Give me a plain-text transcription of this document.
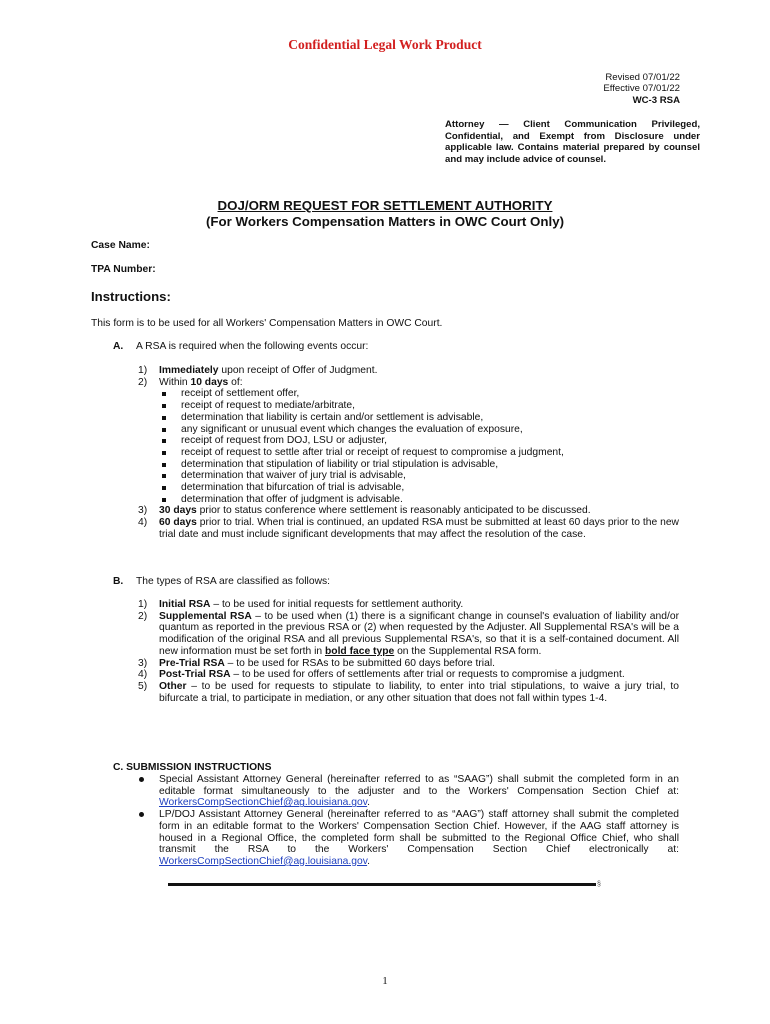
Confidential Legal Work Product
Revised 07/01/22
Effective 07/01/22
WC-3 RSA
Attorney — Client Communication Privileged, Confidential, and Exempt from Disclosure under applicable law. Contains material prepared by counsel and may include advice of counsel.
DOJ/ORM REQUEST FOR SETTLEMENT AUTHORITY
(For Workers Compensation Matters in OWC Court Only)
Case Name:
TPA Number:
Instructions:
This form is to be used for all Workers' Compensation Matters in OWC Court.
A.	A RSA is required when the following events occur:
1) Immediately upon receipt of Offer of Judgment.
2) Within 10 days of:
receipt of settlement offer,
receipt of request to mediate/arbitrate,
determination that liability is certain and/or settlement is advisable,
any significant or unusual event which changes the evaluation of exposure,
receipt of request from DOJ, LSU or adjuster,
receipt of request to settle after trial or receipt of request to compromise a judgment,
determination that stipulation of liability or trial stipulation is advisable,
determination that waiver of jury trial is advisable,
determination that bifurcation of trial is advisable,
determination that offer of judgment is advisable.
3) 30 days prior to status conference where settlement is reasonably anticipated to be discussed.
4) 60 days prior to trial. When trial is continued, an updated RSA must be submitted at least 60 days prior to the new trial date and must include significant developments that may affect the resolution of the case.
B.	The types of RSA are classified as follows:
1) Initial RSA – to be used for initial requests for settlement authority.
2) Supplemental RSA – to be used when (1) there is a significant change in counsel's evaluation of liability and/or quantum as reported in the previous RSA or (2) when requested by the Adjuster. All Supplemental RSA's will be a modification of the original RSA and all previous Supplemental RSA's, so that it is a self-contained document. All new information must be set forth in bold face type on the Supplemental RSA form.
3) Pre-Trial RSA – to be used for RSAs to be submitted 60 days before trial.
4) Post-Trial RSA – to be used for offers of settlements after trial or requests to compromise a judgment.
5) Other – to be used for requests to stipulate to liability, to enter into trial stipulations, to waive a jury trial, to bifurcate a trial, to participate in mediation, or any other situation that does not fall within types 1-4.
C. SUBMISSION INSTRUCTIONS
Special Assistant Attorney General (hereinafter referred to as “SAAG”) shall submit the completed form in an editable format simultaneously to the adjuster and to the Workers' Compensation Section Chief at: WorkersCompSectionChief@ag.louisiana.gov.
LP/DOJ Assistant Attorney General (hereinafter referred to as “AAG”) staff attorney shall submit the completed form in an editable format to the Workers' Compensation Section Chief. However, if the AAG staff attorney is housed in a Regional Office, the completed form shall be submitted to the Regional Office Chief, who shall transmit the RSA to the Workers' Compensation Section Chief electronically at: WorkersCompSectionChief@ag.louisiana.gov.
§
1
